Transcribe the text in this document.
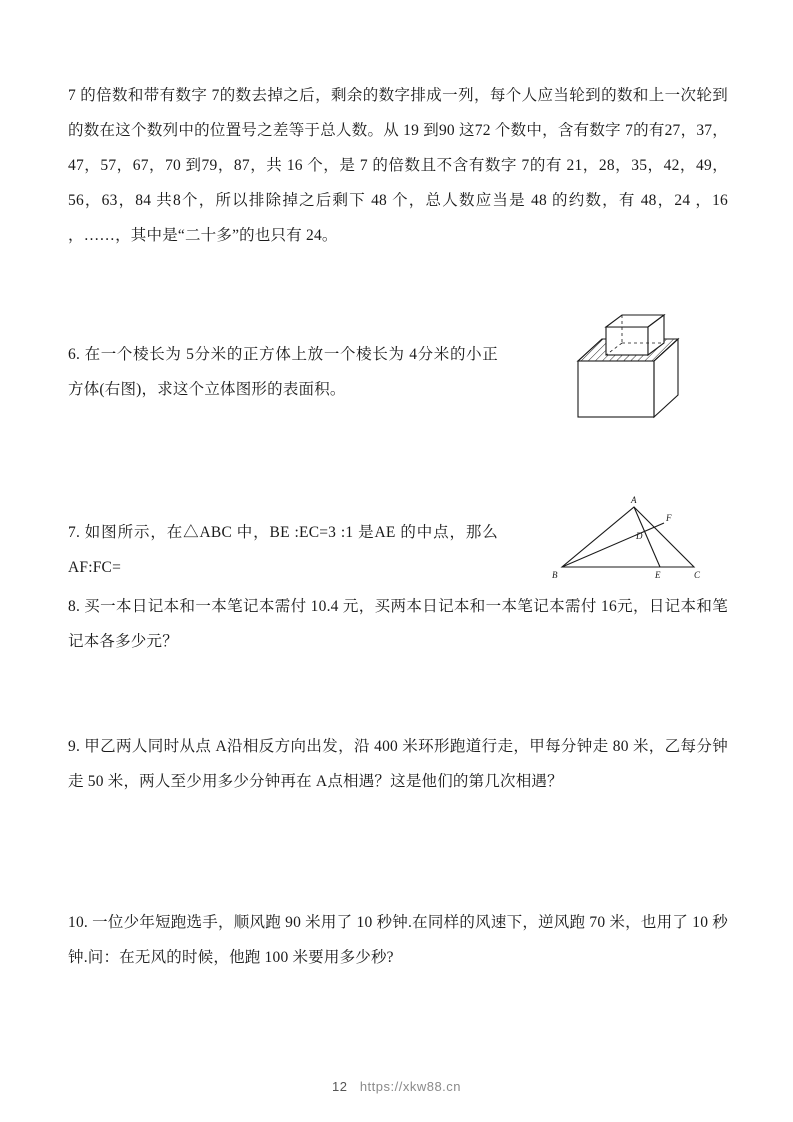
7 的倍数和带有数字 7的数去掉之后，剩余的数字排成一列，每个人应当轮到的数和上一次轮到的数在这个数列中的位置号之差等于总人数。从 19 到90 这72 个数中，含有数字 7的有27，37，47，57，67，70 到79，87，共 16 个，是 7 的倍数且不含有数字 7的有 21，28，35，42，49，56，63，84 共8个，所以排除掉之后剩下 48 个，总人数应当是 48 的约数，有 48，24 ，16 ，……，其中是“二十多”的也只有 24。

6. 在一个棱长为 5分米的正方体上放一个棱长为 4分米的小正方体(右图)，求这个立体图形的表面积。

7. 如图所示，在△ABC 中，BE :EC=3 :1 是AE 的中点，那么 AF:FC=

A
F
D
B	E	C

8. 买一本日记本和一本笔记本需付 10.4 元，买两本日记本和一本笔记本需付 16元，日记本和笔记本各多少元？

9. 甲乙两人同时从点 A沿相反方向出发，沿 400 米环形跑道行走，甲每分钟走 80 米，乙每分钟走 50 米，两人至少用多少分钟再在 A点相遇？这是他们的第几次相遇？

10. 一位少年短跑选手，顺风跑 90 米用了 10 秒钟.在同样的风速下，逆风跑 70 米，也用了 10 秒钟.问：在无风的时候，他跑 100 米要用多少秒?

12 https://xkw88.cn
